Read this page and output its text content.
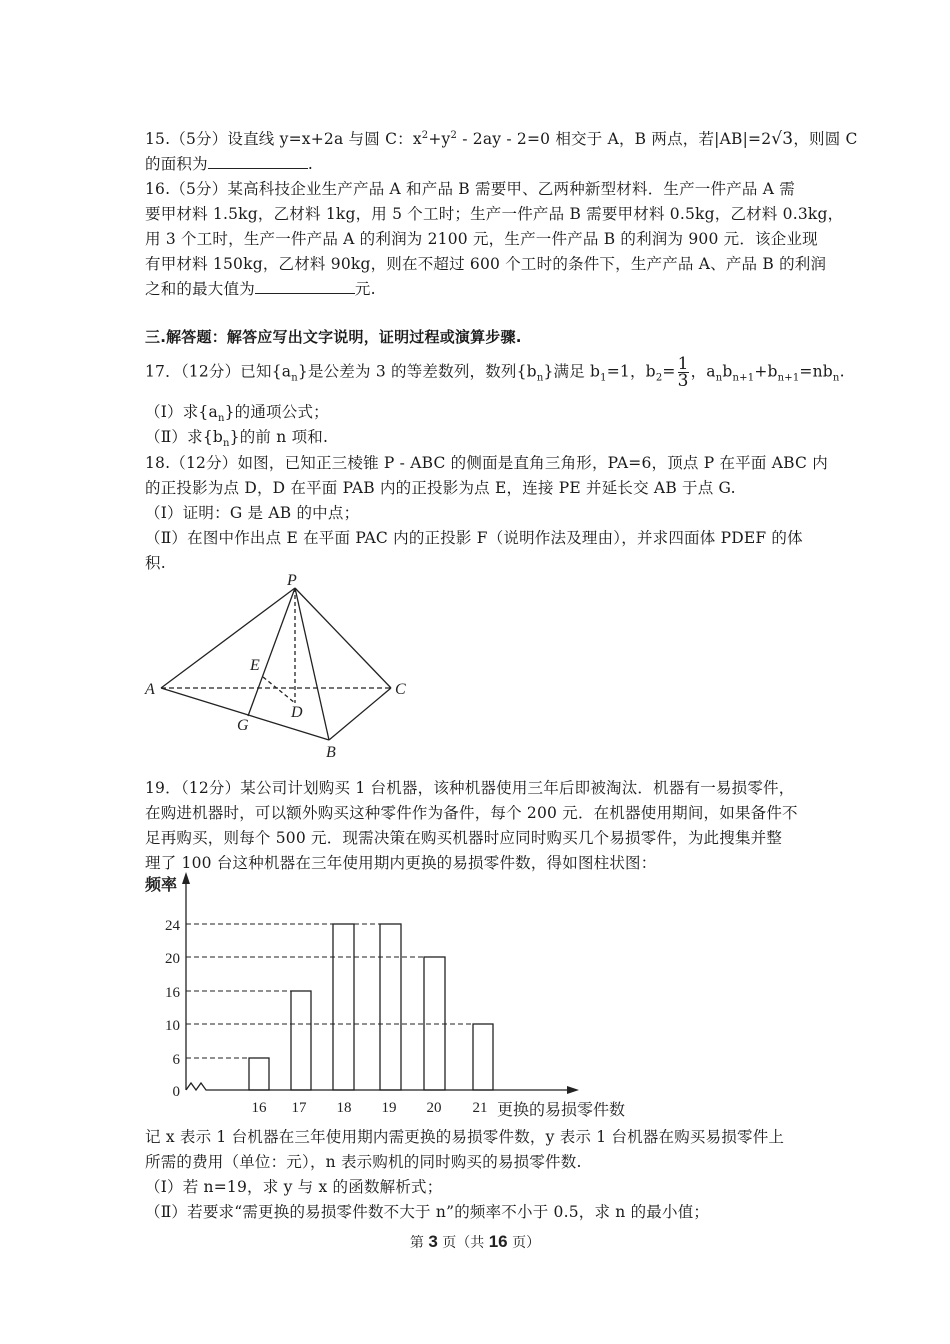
15.（5分）设直线 y=x+2a 与圆 C：$x^2+y^2 - 2ay - 2=0$ 相交于 A，B 两点，若|AB|=2√3，则圆 C
的面积为	.
16.（5分）某高科技企业生产产品 A 和产品 B 需要甲、乙两种新型材料．生产一件产品 A 需
要甲材料 1.5kg，乙材料 1kg，用 5 个工时；生产一件产品 B 需要甲材料 0.5kg，乙材料 0.3kg，
用 3 个工时，生产一件产品 A 的利润为 2100 元，生产一件产品 B 的利润为 900 元．该企业现
有甲材料 150kg，乙材料 90kg，则在不超过 600 个工时的条件下，生产产品 A、产品 B 的利润
之和的最大值为	元.
三.解答题：解答应写出文字说明，证明过程或演算步骤.
17．（12分）已知$\{a_n\}$是公差为 3 的等差数列，数列$\{b_n\}$满足 $b_1=1$，$b_2= \frac{1}{3}$ ，$a_nb_{n+1}+b_{n+1}=nb_n$.
（Ⅰ）求$\{a_n\}$的通项公式；
（Ⅱ）求$\{b_n\}$的前 n 项和.
18.（12分）如图，已知正三棱锥 P - ABC 的侧面是直角三角形，PA=6，顶点 P 在平面 ABC 内
的正投影为点 D，D 在平面 PAB 内的正投影为点 E，连接 PE 并延长交 AB 于点 G.
（Ⅰ）证明：G 是 AB 的中点；
（Ⅱ）在图中作出点 E 在平面 PAC 内的正投影 F（说明作法及理由），并求四面体 PDEF 的体
积.
P
A	C
B
D
E
G
19．（12分）某公司计划购买 1 台机器，该种机器使用三年后即被淘汰．机器有一易损零件，
在购进机器时，可以额外购买这种零件作为备件，每个 200 元．在机器使用期间，如果备件不
足再购买，则每个 500 元．现需决策在购买机器时应同时购买几个易损零件，为此搜集并整
理了 100 台这种机器在三年使用期内更换的易损零件数，得如图柱状图：
0
6
10
16
20
24
16 17 18 19 20 21
频率
更换的易损零件数
记 x 表示 1 台机器在三年使用期内需更换的易损零件数，y 表示 1 台机器在购买易损零件上
所需的费用（单位：元），n 表示购机的同时购买的易损零件数.
（Ⅰ）若 n=19，求 y 与 x 的函数解析式；
（Ⅱ）若要求“需更换的易损零件数不大于 n”的频率不小于 0.5，求 n 的最小值；
第 3 页（共 16 页）
